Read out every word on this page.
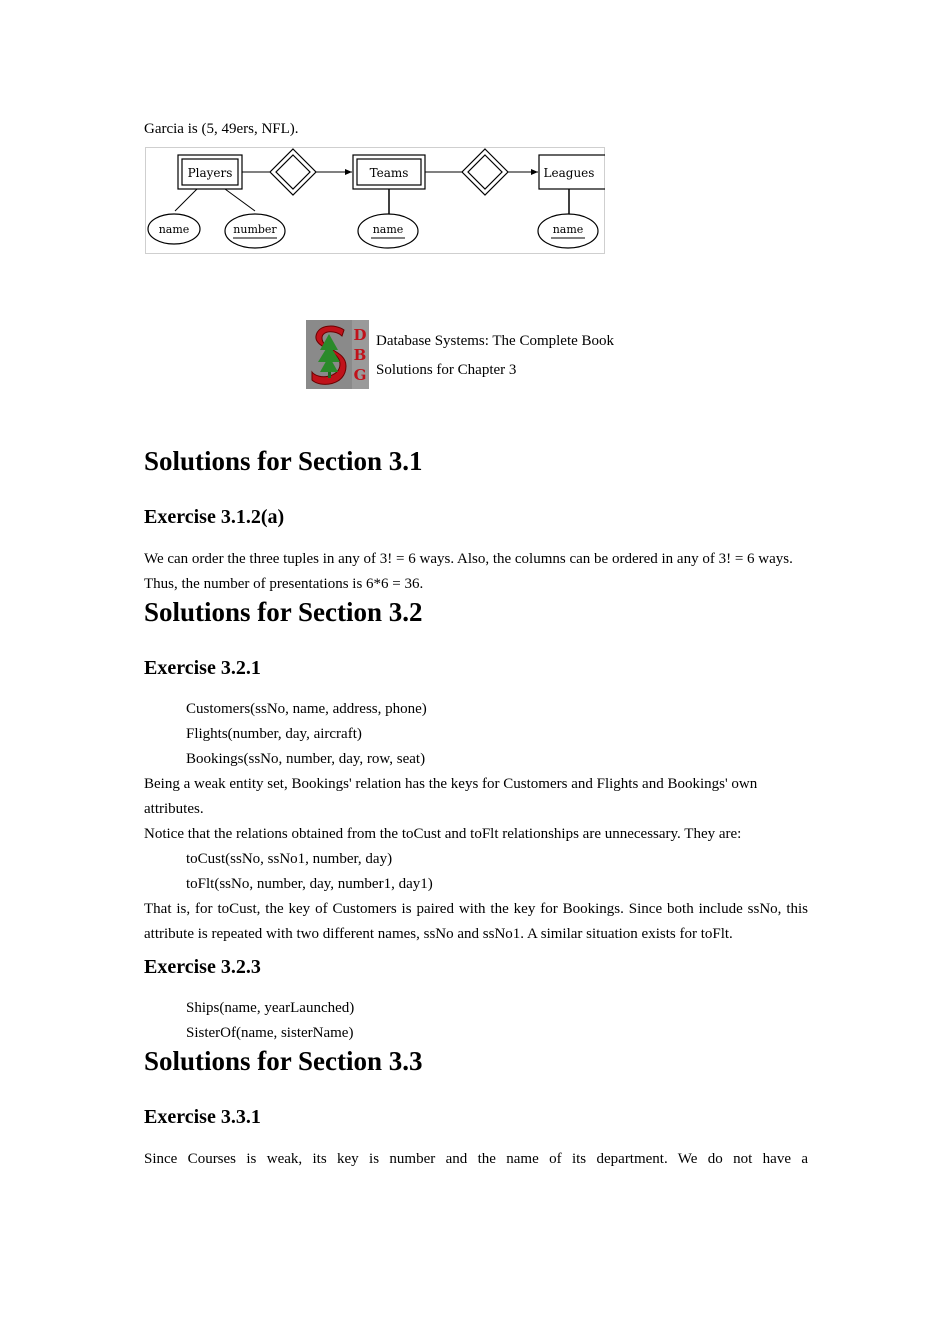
Garcia is (5, 49ers, NFL).

Players	Teams	Leagues
name	number	name	name
D
B
G
Database Systems: The Complete Book
Solutions for Chapter 3
Solutions for Section 3.1
Exercise 3.1.2(a)

We can order the three tuples in any of 3! = 6 ways. Also, the columns can be ordered in any of 3! = 6 ways. Thus, the number of presentations is 6*6 = 36.

Solutions for Section 3.2
Exercise 3.2.1

Customers(ssNo, name, address, phone)

Flights(number, day, aircraft)

Bookings(ssNo, number, day, row, seat)

Being a weak entity set, Bookings' relation has the keys for Customers and Flights and Bookings' own attributes.

Notice that the relations obtained from the toCust and toFlt relationships are unnecessary. They are:

toCust(ssNo, ssNo1, number, day)

toFlt(ssNo, number, day, number1, day1)

That is, for toCust, the key of Customers is paired with the key for Bookings. Since both include ssNo, this attribute is repeated with two different names, ssNo and ssNo1. A similar situation exists for toFlt.

Exercise 3.2.3

Ships(name, yearLaunched)

SisterOf(name, sisterName)

Solutions for Section 3.3
Exercise 3.3.1

Since Courses is weak, its key is number and the name of its department. We do not have a
